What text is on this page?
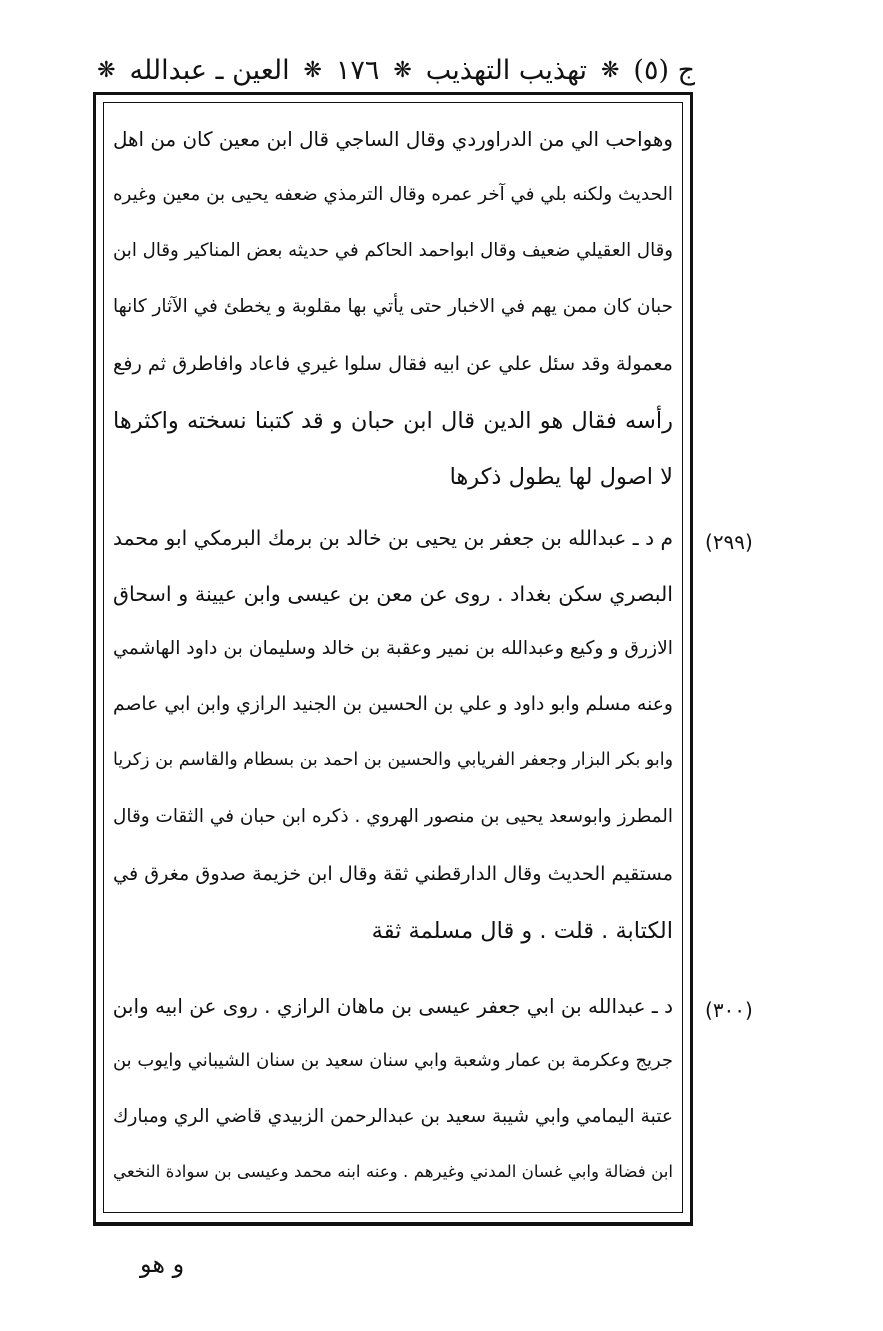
ج (٥)
❋
تهذيب التهذيب
❋
١٧٦
❋
العين ـ عبدالله
❋
وهواحب الي من الدراوردي وقال الساجي قال ابن معين كان من اهل
الحديث ولكنه بلي في آخر عمره وقال الترمذي ضعفه يحيى بن معين وغيره
وقال العقيلي ضعيف وقال ابواحمد الحاكم في حديثه بعض المناكير وقال ابن
حبان كان ممن يهم في الاخبار حتى يأتي بها مقلوبة و يخطئ في الآثار كانها
معمولة وقد سئل علي عن ابيه فقال سلوا غيري فاعاد وافاطرق ثم رفع
رأسه فقال هو الدين قال ابن حبان و قد كتبنا نسخته واكثرها
لا اصول لها يطول ذكرها
م د ـ عبدالله بن جعفر بن يحيى بن خالد بن برمك البرمكي ابو محمد
البصري سكن بغداد . روى عن معن بن عيسى وابن عيينة و اسحاق
الازرق و وكيع وعبدالله بن نمير وعقبة بن خالد وسليمان بن داود الهاشمي
وعنه مسلم وابو داود و علي بن الحسين بن الجنيد الرازي وابن ابي عاصم
وابو بكر البزار وجعفر الفريابي والحسين بن احمد بن بسطام والقاسم بن زكريا
المطرز وابوسعد يحيى بن منصور الهروي . ذكره ابن حبان في الثقات وقال
مستقيم الحديث وقال الدارقطني ثقة وقال ابن خزيمة صدوق مغرق في
الكتابة . قلت . و قال مسلمة ثقة
د ـ عبدالله بن ابي جعفر عيسى بن ماهان الرازي . روى عن ابيه وابن
جريج وعكرمة بن عمار وشعبة وابي سنان سعيد بن سنان الشيباني وايوب بن
عتبة اليمامي وابي شيبة سعيد بن عبدالرحمن الزبيدي قاضي الري ومبارك
ابن فضالة وابي غسان المدني وغيرهم . وعنه ابنه محمد وعيسى بن سوادة النخعي
(٢٩٩)
(٣٠٠)
و هو
